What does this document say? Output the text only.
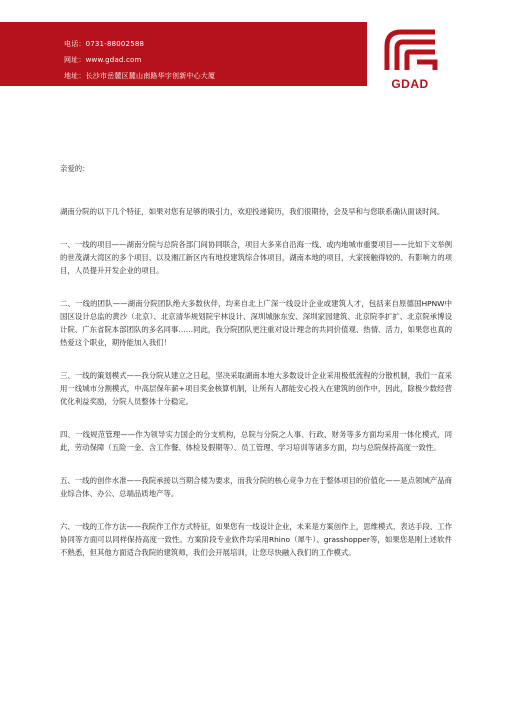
电话：0731-88002588
网址：www.gdad.com
地址：长沙市岳麓区麓山南路华宇创新中心大厦
GDAD

亲爱的：

湖南分院的以下几个特征，如果对您有足够的吸引力，欢迎投递简历，我们很期待，会及早和与您联系确认面谈时间。

一、一线的项目——湖南分院与总院各部门间协同联合，项目大多来自沿海一线、或内地城市重要项目——比如下文举例的世茂湖大湾区的多个项目、以及湘江新区内有地投建筑综合体项目，湖南本地的项目，大家接触得较的、有影响力的项目，人员提升开发企业的项目。

二、一线的团队——湖南分院团队绝大多数伙伴，均来自北上广深一线设计企业或建筑人才，包括来自原德国HPNW中国区设计总监的黄沙（北京）、北京清华规划院宇林设计、深圳城脉东安、深圳家园建筑、北京院李扩扩、北京院承博设计院、广东省院本部团队的多名同事……同此，我分院团队更注重对设计理念的共同价值观、热情、活力，如果您也真的热爱这个职业，期待能加入我们！

三、一线的策划模式——我分院从建立之日起，坚决采取湖南本地大多数设计企业采用极低流程的分散机制，我们一直采用一线城市分割模式，中高层保年薪+项目奖金核算机制，让所有人都能安心投入在建筑的创作中，因此，除极少数经营优化利益奖励，分院人员整体十分稳定。

四、一线规范管理——作为领导实力国企的分支机构，总院与分院之人事、行政、财务等多方面均采用一体化模式，同此，劳动保障（五险一金、含工作餐、体检及假期等）、员工管理、学习培训等诸多方面，均与总院保持高度一致性。

五、一线的创作水准——我院承接以当期合楼为要求，而我分院的核心竞争力在于整体项目的价值化——是点领域产品商业综合体、办公、总端品质地产等。

六、一线的工作方法——我院作工作方式特征，如果您有一线设计企业，未来是方案创作上，思维模式、表达手段、工作协同等方面可以同样保持高度一致性。方案阶段专业软件均采用Rhino（犀牛）、grasshopper等，如果您是刚上述软件不熟悉，但其他方面适合我院的建筑师，我们会开展培训，让您尽快融入我们的工作模式。
